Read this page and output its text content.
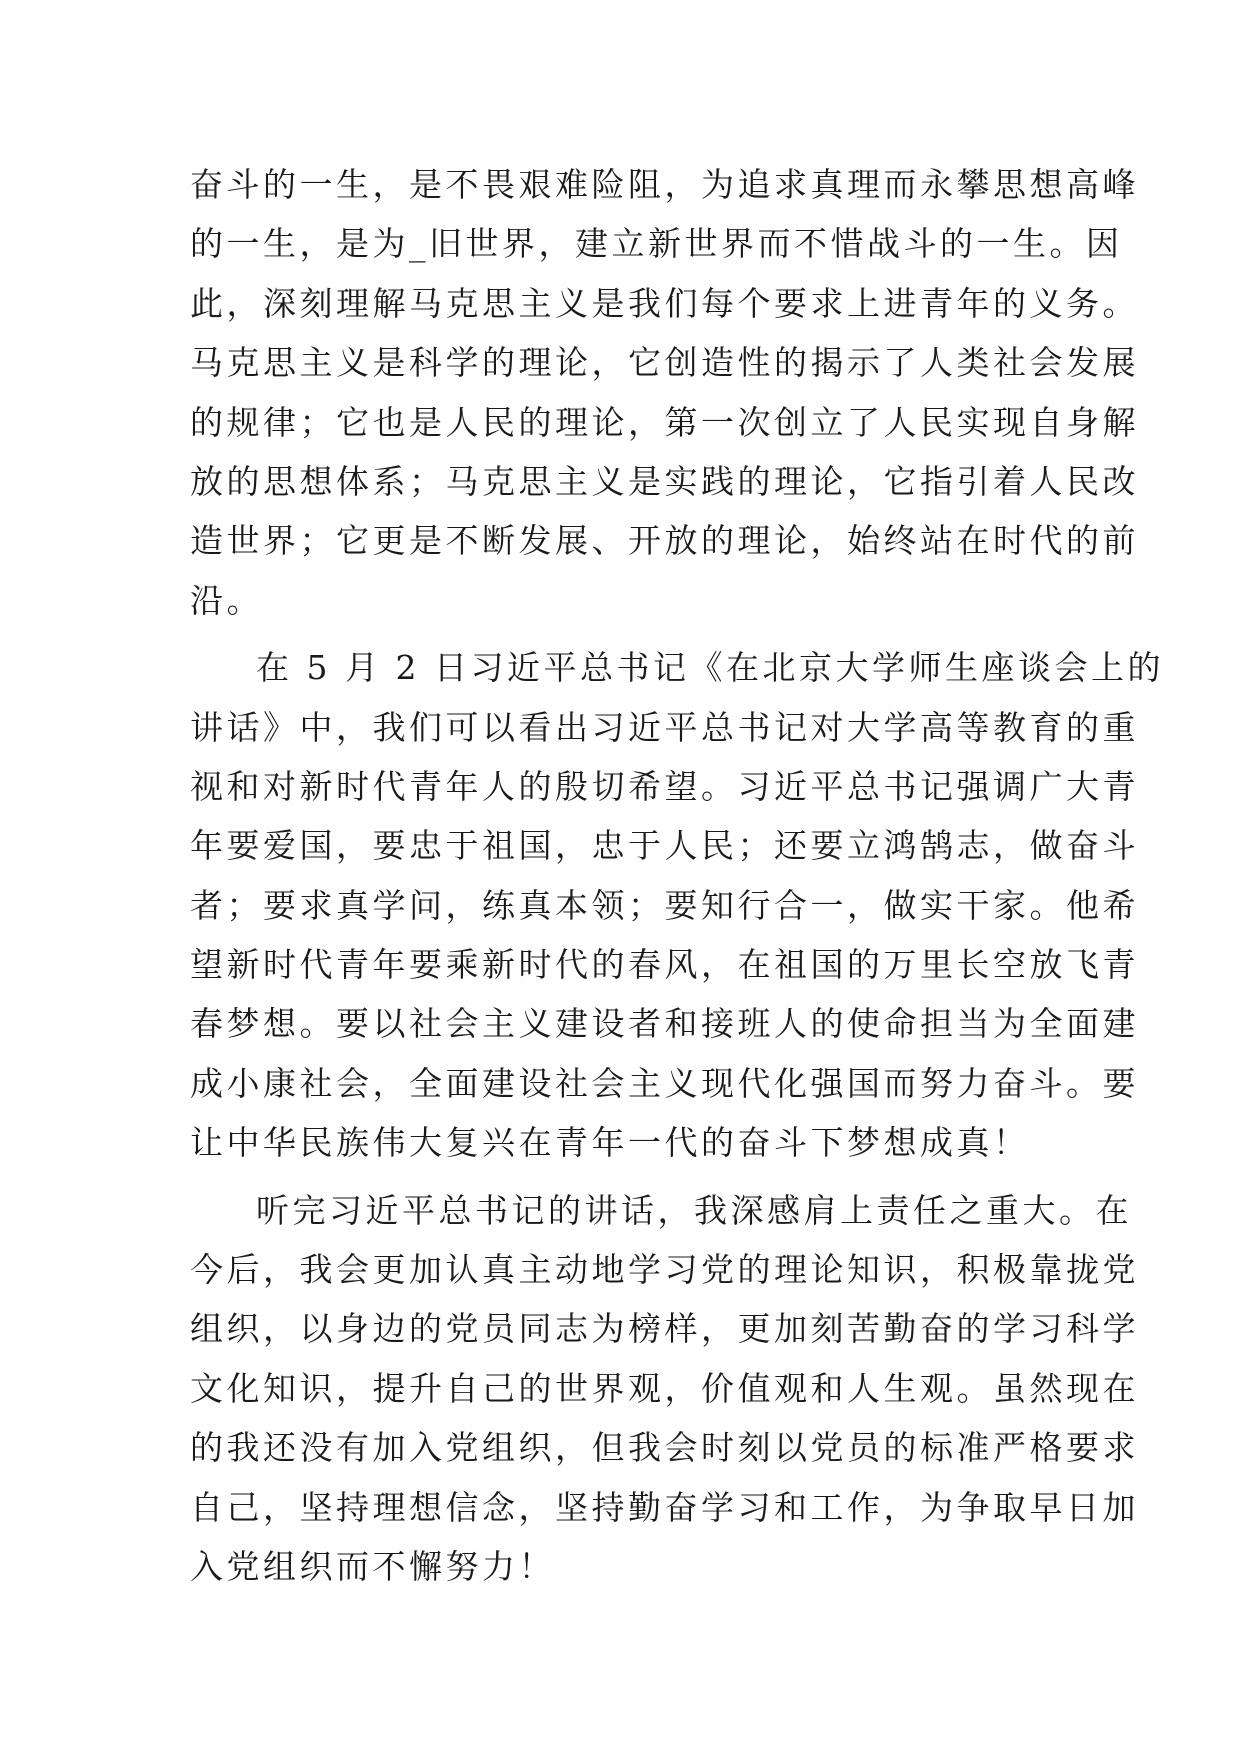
奋斗的一生，是不畏艰难险阻，为追求真理而永攀思想高峰
的一生，是为_旧世界，建立新世界而不惜战斗的一生。因
此，深刻理解马克思主义是我们每个要求上进青年的义务。
马克思主义是科学的理论，它创造性的揭示了人类社会发展
的规律；它也是人民的理论，第一次创立了人民实现自身解
放的思想体系；马克思主义是实践的理论，它指引着人民改
造世界；它更是不断发展、开放的理论，始终站在时代的前
沿。
在 5 月 2 日习近平总书记《在北京大学师生座谈会上的
讲话》中，我们可以看出习近平总书记对大学高等教育的重
视和对新时代青年人的殷切希望。习近平总书记强调广大青
年要爱国，要忠于祖国，忠于人民；还要立鸿鹄志，做奋斗
者；要求真学问，练真本领；要知行合一，做实干家。他希
望新时代青年要乘新时代的春风，在祖国的万里长空放飞青
春梦想。要以社会主义建设者和接班人的使命担当为全面建
成小康社会，全面建设社会主义现代化强国而努力奋斗。要
让中华民族伟大复兴在青年一代的奋斗下梦想成真！
听完习近平总书记的讲话，我深感肩上责任之重大。在
今后，我会更加认真主动地学习党的理论知识，积极靠拢党
组织，以身边的党员同志为榜样，更加刻苦勤奋的学习科学
文化知识，提升自己的世界观，价值观和人生观。虽然现在
的我还没有加入党组织，但我会时刻以党员的标准严格要求
自己，坚持理想信念，坚持勤奋学习和工作，为争取早日加
入党组织而不懈努力！
